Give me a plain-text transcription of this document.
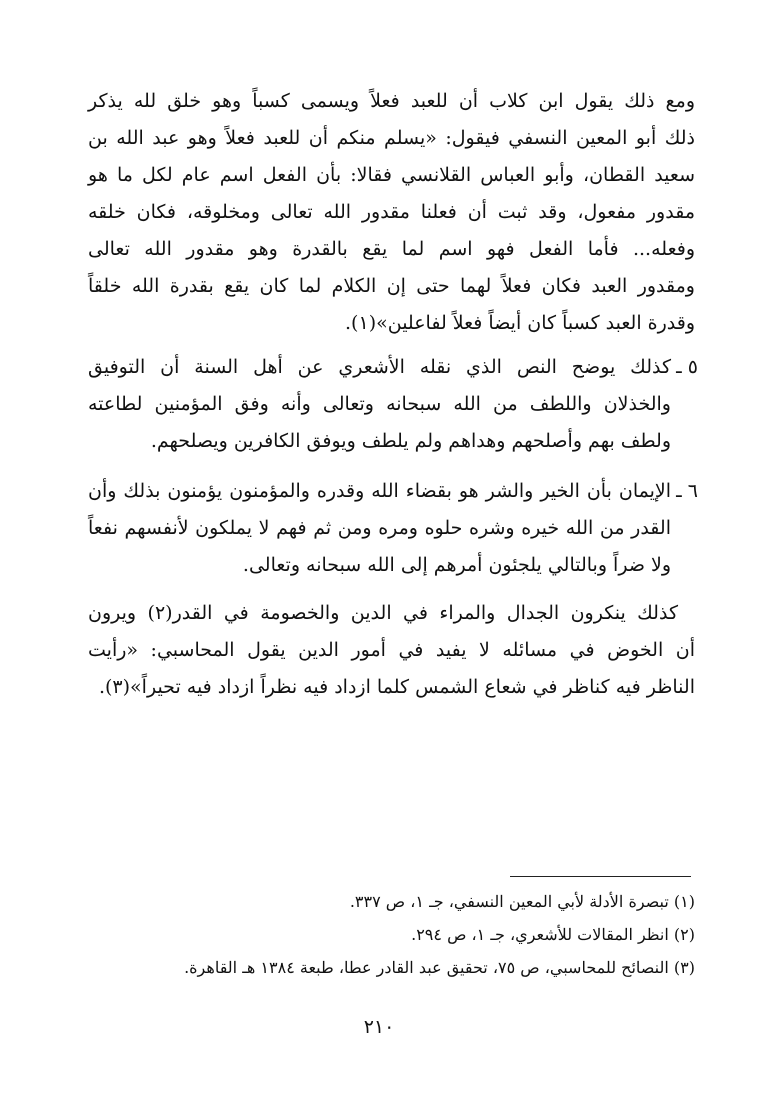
ومع ذلك يقول ابن كلاب أن للعبد فعلاً ويسمى كسباً وهو خلق لله يذكر
ذلك أبو المعين النسفي فيقول: «يسلم منكم أن للعبد فعلاً وهو عبد الله بن
سعيد القطان، وأبو العباس القلانسي فقالا: بأن الفعل اسم عام لكل ما هو
مقدور مفعول، وقد ثبت أن فعلنا مقدور الله تعالى ومخلوقه، فكان خلقه
وفعله... فأما الفعل فهو اسم لما يقع بالقدرة وهو مقدور الله تعالى
ومقدور العبد فكان فعلاً لهما حتى إن الكلام لما كان يقع بقدرة الله خلقاً
وقدرة العبد كسباً كان أيضاً فعلاً لفاعلين»(١).
٥ ـ
كذلك يوضح النص الذي نقله الأشعري عن أهل السنة أن التوفيق
والخذلان واللطف من الله سبحانه وتعالى وأنه وفق المؤمنين لطاعته
ولطف بهم وأصلحهم وهداهم ولم يلطف ويوفق الكافرين ويصلحهم.
٦ ـ
الإيمان بأن الخير والشر هو بقضاء الله وقدره والمؤمنون يؤمنون بذلك وأن
القدر من الله خيره وشره حلوه ومره ومن ثم فهم لا يملكون لأنفسهم نفعاً
ولا ضراً وبالتالي يلجئون أمرهم إلى الله سبحانه وتعالى.
كذلك ينكرون الجدال والمراء في الدين والخصومة في القدر(٢) ويرون
أن الخوض في مسائله لا يفيد في أمور الدين يقول المحاسبي: «رأيت
الناظر فيه كناظر في شعاع الشمس كلما ازداد فيه نظراً ازداد فيه تحيراً»(٣).
(١) تبصرة الأدلة لأبي المعين النسفي، جـ ١، ص ٣٣٧.
(٢) انظر المقالات للأشعري، جـ ١، ص ٢٩٤.
(٣) النصائح للمحاسبي، ص ٧٥، تحقيق عبد القادر عطا، طبعة ١٣٨٤ هـ القاهرة.
٢١٠
